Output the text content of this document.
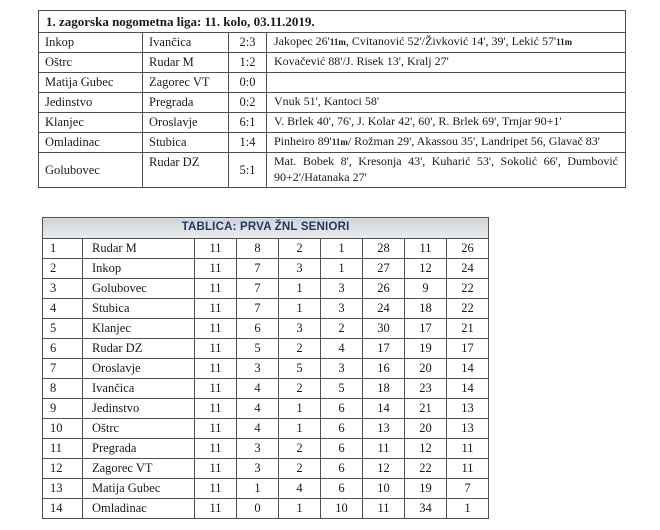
1. zagorska nogometna liga: 11. kolo, 03.11.2019.			
Inkop	Ivančica	2:3	Jakopec 26'11m, Cvitanović 52'/Živković 14', 39', Lekić 57'11m
Oštrc	Rudar M	1:2	Kovačević 88'/J. Risek 13', Kralj 27'
Matija Gubec	Zagorec VT	0:0	
Jedinstvo	Pregrada	0:2	Vnuk 51', Kantoci 58'
Klanjec	Oroslavje	6:1	V. Brlek 40', 76', J. Kolar 42', 60', R. Brlek 69', Trnjar 90+1'
Omladinac	Stubica	1:4	Pinheiro 89'11m/ Rožman 29', Akassou 35', Landripet 56, Glavač 83'
Golubovec	Rudar DZ	5:1	Mat. Bobek 8', Kresonja 43', Kuharić 53', Sokolić 66', Dumbović 90+2'/Hatanaka 27'
TABLICA: PRVA ŽNL SENIORI								
1	Rudar M	11	8	2	1	28	11	26
2	Inkop	11	7	3	1	27	12	24
3	Golubovec	11	7	1	3	26	9	22
4	Stubica	11	7	1	3	24	18	22
5	Klanjec	11	6	3	2	30	17	21
6	Rudar DZ	11	5	2	4	17	19	17
7	Oroslavje	11	3	5	3	16	20	14
8	Ivančica	11	4	2	5	18	23	14
9	Jedinstvo	11	4	1	6	14	21	13
10	Oštrc	11	4	1	6	13	20	13
11	Pregrada	11	3	2	6	11	12	11
12	Zagorec VT	11	3	2	6	12	22	11
13	Matija Gubec	11	1	4	6	10	19	7
14	Omladinac	11	0	1	10	11	34	1
